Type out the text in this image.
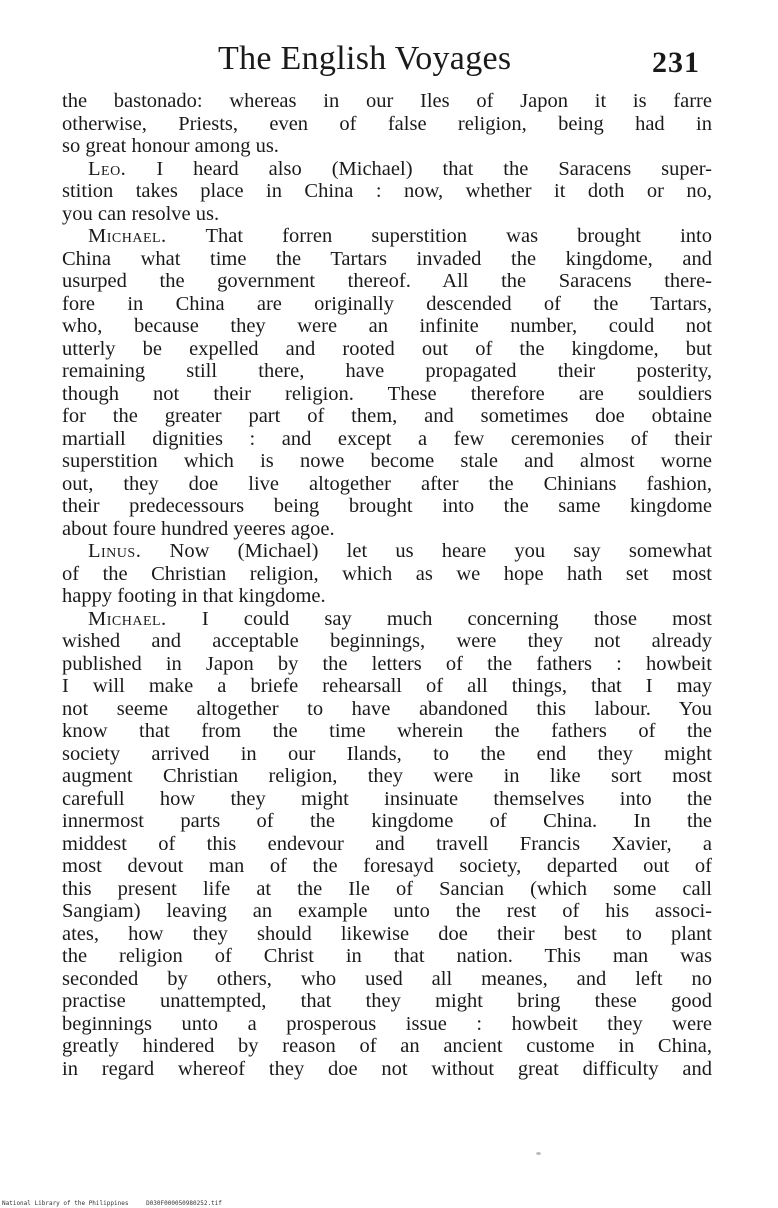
The English Voyages	231
the bastonado: whereas in our Iles of Japon it is farre
otherwise, Priests, even of false religion, being had in
so great honour among us.
Leo. I heard also (Michael) that the Saracens super-
stition takes place in China : now, whether it doth or no,
you can resolve us.
Michael. That forren superstition was brought into
China what time the Tartars invaded the kingdome, and
usurped the government thereof. All the Saracens there-
fore in China are originally descended of the Tartars,
who, because they were an infinite number, could not
utterly be expelled and rooted out of the kingdome, but
remaining still there, have propagated their posterity,
though not their religion. These therefore are souldiers
for the greater part of them, and sometimes doe obtaine
martiall dignities : and except a few ceremonies of their
superstition which is nowe become stale and almost worne
out, they doe live altogether after the Chinians fashion,
their predecessours being brought into the same kingdome
about foure hundred yeeres agoe.
Linus. Now (Michael) let us heare you say somewhat
of the Christian religion, which as we hope hath set most
happy footing in that kingdome.
Michael. I could say much concerning those most
wished and acceptable beginnings, were they not already
published in Japon by the letters of the fathers : howbeit
I will make a briefe rehearsall of all things, that I may
not seeme altogether to have abandoned this labour. You
know that from the time wherein the fathers of the
society arrived in our Ilands, to the end they might
augment Christian religion, they were in like sort most
carefull how they might insinuate themselves into the
innermost parts of the kingdome of China. In the
middest of this endevour and travell Francis Xavier, a
most devout man of the foresayd society, departed out of
this present life at the Ile of Sancian (which some call
Sangiam) leaving an example unto the rest of his associ-
ates, how they should likewise doe their best to plant
the religion of Christ in that nation. This man was
seconded by others, who used all meanes, and left no
practise unattempted, that they might bring these good
beginnings unto a prosperous issue : howbeit they were
greatly hindered by reason of an ancient custome in China,
in regard whereof they doe not without great difficulty and
National Library of the Philippines	D030F000050980252.tif
